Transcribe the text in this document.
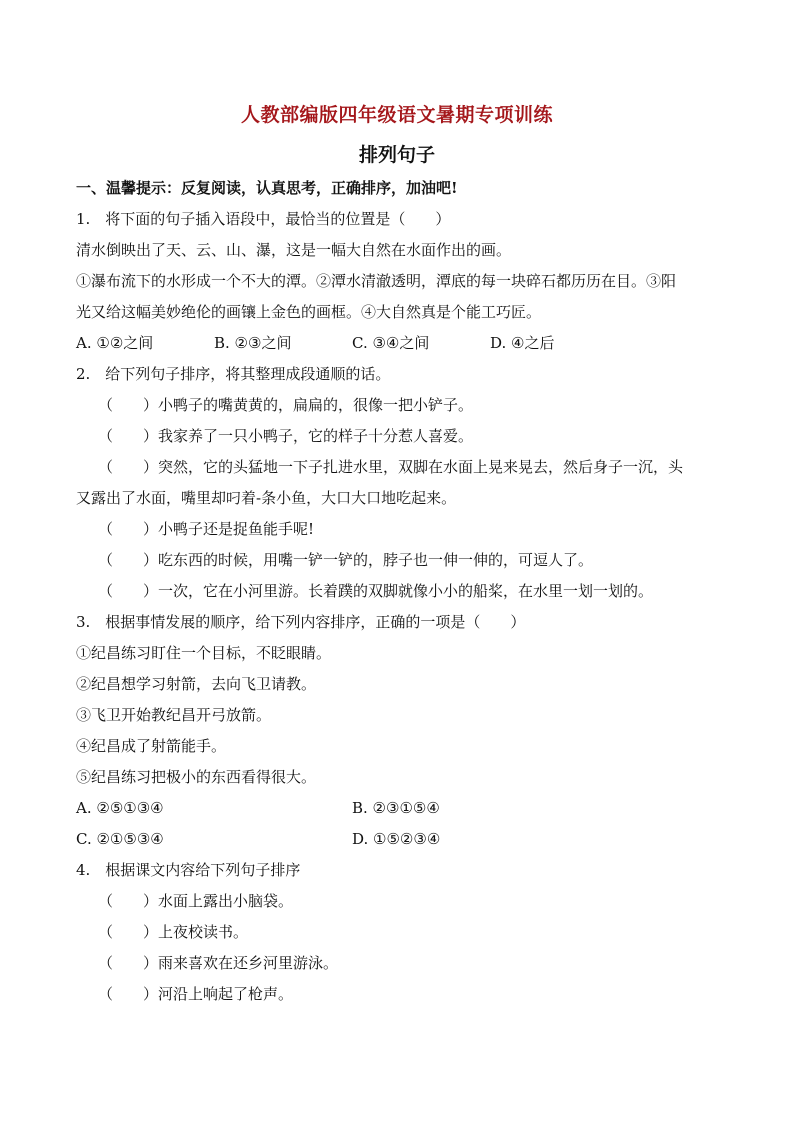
人教部编版四年级语文暑期专项训练
排列句子
一、温馨提示：反复阅读，认真思考，正确排序，加油吧!
1.　将下面的句子插入语段中，最恰当的位置是（　　）
清水倒映出了天、云、山、瀑，这是一幅大自然在水面作出的画。
①瀑布流下的水形成一个不大的潭。②潭水清澈透明，潭底的每一块碎石都历历在目。③阳
光又给这幅美妙绝伦的画镶上金色的画框。④大自然真是个能工巧匠。
A. ①②之间	B. ②③之间	C. ③④之间	D. ④之后
2.　给下列句子排序，将其整理成段通顺的话。
（　　）小鸭子的嘴黄黄的，扁扁的，很像一把小铲子。
（　　）我家养了一只小鸭子，它的样子十分惹人喜爱。
（　　）突然，它的头猛地一下子扎进水里，双脚在水面上晃来晃去，然后身子一沉，头
又露出了水面，嘴里却叼着-条小鱼，大口大口地吃起来。
（　　）小鸭子还是捉鱼能手呢!
（　　）吃东西的时候，用嘴一铲一铲的，脖子也一伸一伸的，可逗人了。
（　　）一次，它在小河里游。长着蹼的双脚就像小小的船桨，在水里一划一划的。
3.　根据事情发展的顺序，给下列内容排序，正确的一项是（　　）
①纪昌练习盯住一个目标，不眨眼睛。
②纪昌想学习射箭，去向飞卫请教。
③飞卫开始教纪昌开弓放箭。
④纪昌成了射箭能手。
⑤纪昌练习把极小的东西看得很大。
A. ②⑤①③④	B. ②③①⑤④
C. ②①⑤③④	D. ①⑤②③④
4.　根据课文内容给下列句子排序
（　　）水面上露出小脑袋。
（　　）上夜校读书。
（　　）雨来喜欢在还乡河里游泳。
（　　）河沿上响起了枪声。
